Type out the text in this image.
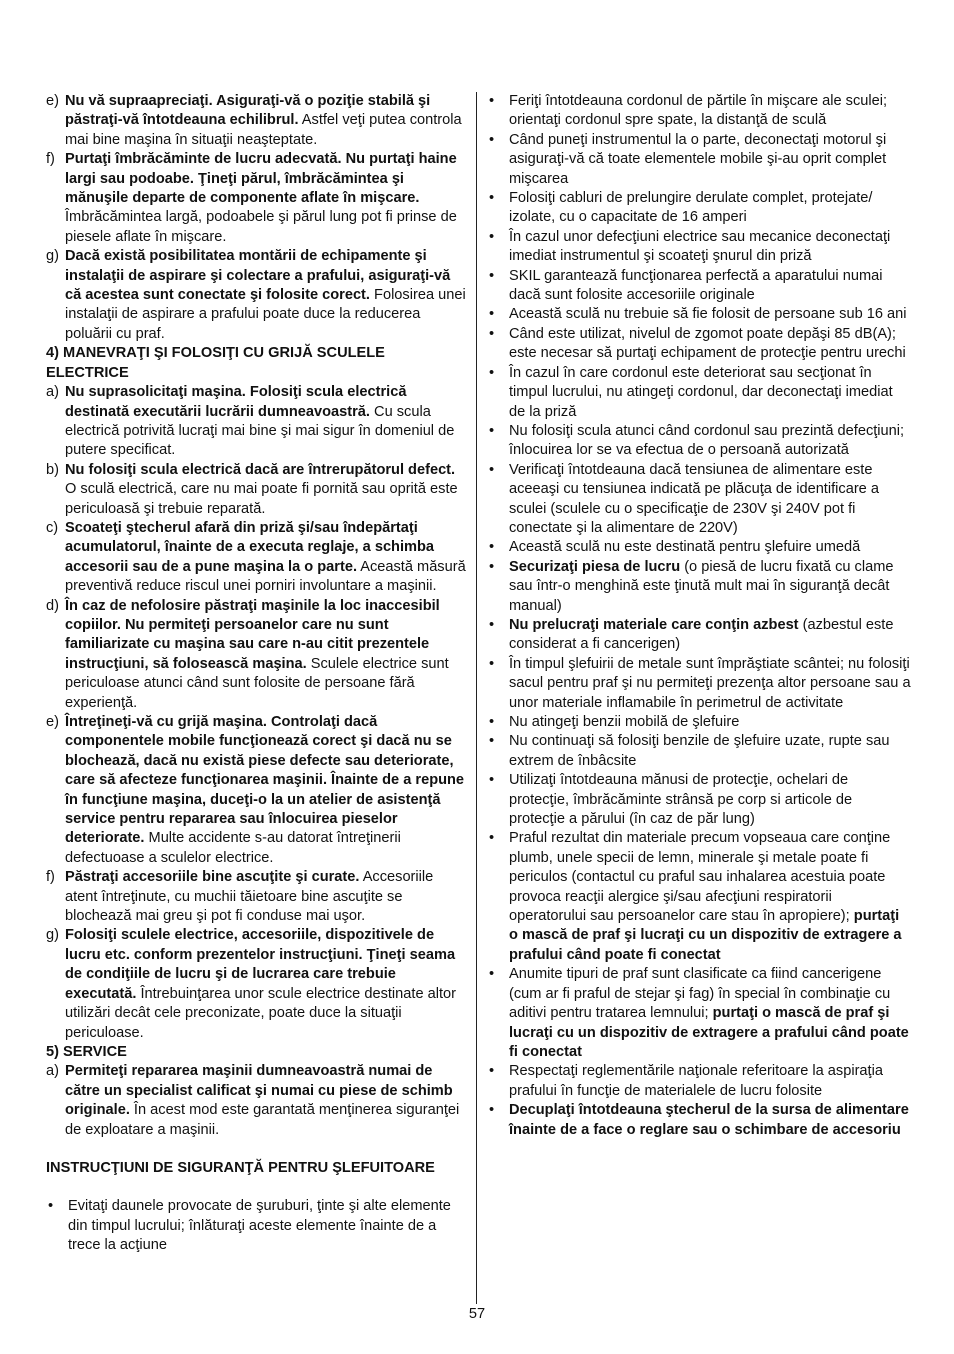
e) Nu vă supraapreciaţi. Asiguraţi-vă o poziţie stabilă şi păstraţi-vă întotdeauna echilibrul. Astfel veţi putea controla mai bine maşina în situaţii neaşteptate.
f) Purtaţi îmbrăcăminte de lucru adecvată. Nu purtaţi haine largi sau podoabe. Ţineţi părul, îmbrăcămintea şi mănuşile departe de componente aflate în mişcare. Îmbrăcămintea largă, podoabele şi părul lung pot fi prinse de piesele aflate în mişcare.
g) Dacă există posibilitatea montării de echipamente şi instalaţii de aspirare şi colectare a prafului, asiguraţi-vă că acestea sunt conectate şi folosite corect. Folosirea unei instalaţii de aspirare a prafului poate duce la reducerea poluării cu praf.
4) MANEVRAŢI ŞI FOLOSIŢI CU GRIJĂ SCULELE ELECTRICE
a) Nu suprasolicitaţi maşina. Folosiţi scula electrică destinată executării lucrării dumneavoastră. Cu scula electrică potrivită lucraţi mai bine şi mai sigur în domeniul de putere specificat.
b) Nu folosiţi scula electrică dacă are întrerupătorul defect. O sculă electrică, care nu mai poate fi pornită sau oprită este periculoasă şi trebuie reparată.
c) Scoateţi ştecherul afară din priză şi/sau îndepărtaţi acumulatorul, înainte de a executa reglaje, a schimba accesorii sau de a pune maşina la o parte. Această măsură preventivă reduce riscul unei porniri involuntare a maşinii.
d) În caz de nefolosire păstraţi maşinile la loc inaccesibil copiilor. Nu permiteţi persoanelor care nu sunt familiarizate cu maşina sau care n-au citit prezentele instrucţiuni, să folosească maşina. Sculele electrice sunt periculoase atunci când sunt folosite de persoane fără experienţă.
e) Întreţineţi-vă cu grijă maşina. Controlaţi dacă componentele mobile funcţionează corect şi dacă nu se blochează, dacă nu există piese defecte sau deteriorate, care să afecteze funcţionarea maşinii. Înainte de a repune în funcţiune maşina, duceţi-o la un atelier de asistenţă service pentru repararea sau înlocuirea pieselor deteriorate. Multe accidente s-au datorat întreţinerii defectuoase a sculelor electrice.
f) Păstraţi accesoriile bine ascuţite şi curate. Accesoriile atent întreţinute, cu muchii tăietoare bine ascuţite se blochează mai greu şi pot fi conduse mai uşor.
g) Folosiţi sculele electrice, accesoriile, dispozitivele de lucru etc. conform prezentelor instrucţiuni. Ţineţi seama de condiţiile de lucru şi de lucrarea care trebuie executată. Întrebuinţarea unor scule electrice destinate altor utilizări decât cele preconizate, poate duce la situaţii periculoase.
5) SERVICE
a) Permiteţi repararea maşinii dumneavoastră numai de către un specialist calificat şi numai cu piese de schimb originale. În acest mod este garantată menţinerea siguranţei de exploatare a maşinii.
INSTRUCŢIUNI DE SIGURANŢĂ PENTRU ŞLEFUITOARE
• Evitaţi daunele provocate de şuruburi, ţinte şi alte elemente din timpul lucrului; înlăturaţi aceste elemente înainte de a trece la acţiune
• Feriţi întotdeauna cordonul de părtile în mişcare ale sculei; orientaţi cordonul spre spate, la distanţă de sculă
• Când puneţi instrumentul la o parte, deconectaţi motorul şi asiguraţi-vă că toate elementele mobile şi-au oprit complet mişcarea
• Folosiţi cabluri de prelungire derulate complet, protejate/ izolate, cu o capacitate de 16 amperi
• În cazul unor defecţiuni electrice sau mecanice deconectaţi imediat instrumentul şi scoateţi şnurul din priză
• SKIL garantează funcţionarea perfectă a aparatului numai dacă sunt folosite accesoriile originale
• Această sculă nu trebuie să fie folosit de persoane sub 16 ani
• Când este utilizat, nivelul de zgomot poate depăşi 85 dB(A); este necesar să purtaţi echipament de protecţie pentru urechi
• În cazul în care cordonul este deteriorat sau secţionat în timpul lucrului, nu atingeţi cordonul, dar deconectaţi imediat de la priză
• Nu folosiţi scula atunci când cordonul sau prezintă defecţiuni; înlocuirea lor se va efectua de o persoană autorizată
• Verificaţi întotdeauna dacă tensiunea de alimentare este aceeaşi cu tensiunea indicată pe plăcuţa de identificare a sculei (sculele cu o specificaţie de 230V şi 240V pot fi conectate şi la alimentare de 220V)
• Această sculă nu este destinată pentru şlefuire umedă
• Securizaţi piesa de lucru (o piesă de lucru fixată cu clame sau într-o menghină este ţinută mult mai în siguranţă decât manual)
• Nu prelucraţi materiale care conţin azbest (azbestul este considerat a fi cancerigen)
• În timpul şlefuirii de metale sunt împrăştiate scântei; nu folosiţi sacul pentru praf şi nu permiteţi prezenţa altor persoane sau a unor materiale inflamabile în perimetrul de activitate
• Nu atingeţi benzii mobilă de şlefuire
• Nu continuaţi să folosiţi benzile de şlefuire uzate, rupte sau extrem de înbâcsite
• Utilizaţi întotdeauna mănusi de protecţie, ochelari de protecţie, îmbrăcăminte strânsă pe corp si articole de protecţie a părului (în caz de păr lung)
• Praful rezultat din materiale precum vopseaua care conţine plumb, unele specii de lemn, minerale şi metale poate fi periculos (contactul cu praful sau inhalarea acestuia poate provoca reacţii alergice şi/sau afecţiuni respiratorii operatorului sau persoanelor care stau în apropiere); purtaţi o mască de praf şi lucraţi cu un dispozitiv de extragere a prafului când poate fi conectat
• Anumite tipuri de praf sunt clasificate ca fiind cancerigene (cum ar fi praful de stejar şi fag) în special în combinaţie cu aditivi pentru tratarea lemnului; purtaţi o mască de praf şi lucraţi cu un dispozitiv de extragere a prafului când poate fi conectat
• Respectaţi reglementările naţionale referitoare la aspiraţia prafului în funcţie de materialele de lucru folosite
• Decuplaţi întotdeauna ştecherul de la sursa de alimentare înainte de a face o reglare sau o schimbare de accesoriu
57
